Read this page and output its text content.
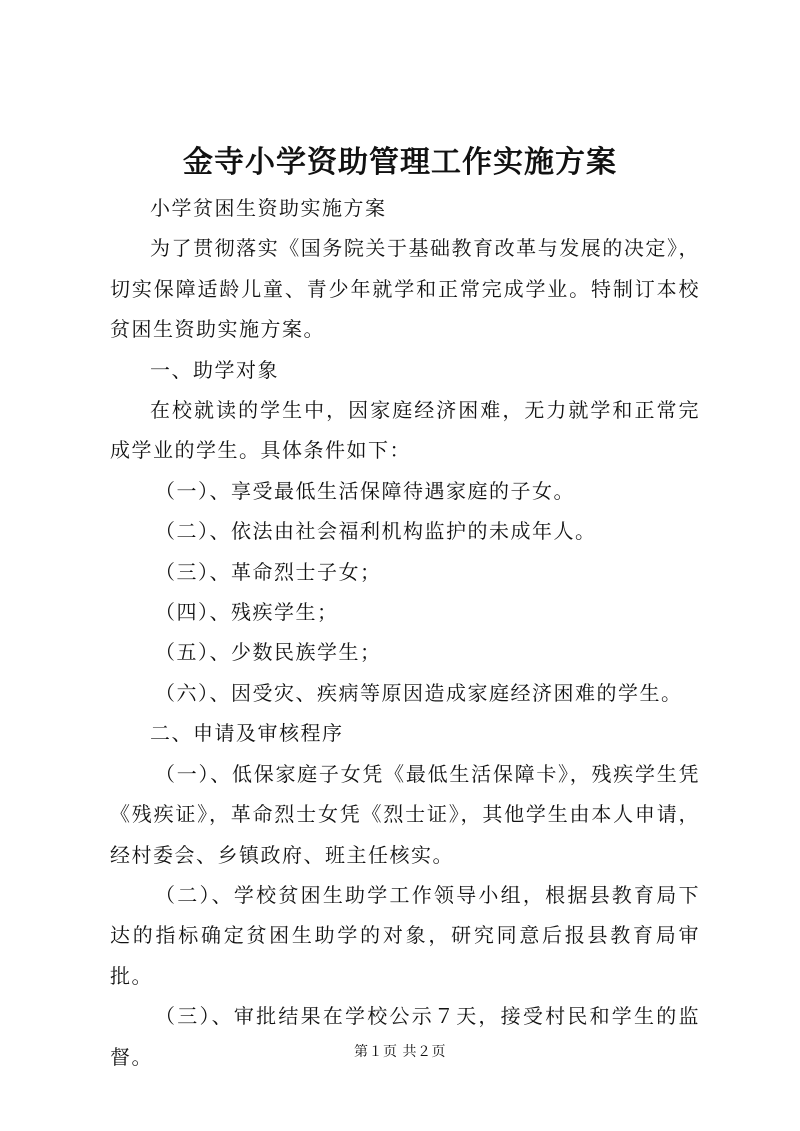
金寺小学资助管理工作实施方案

小学贫困生资助实施方案

为了贯彻落实《国务院关于基础教育改革与发展的决定》，切实保障适龄儿童、青少年就学和正常完成学业。特制订本校贫困生资助实施方案。

一、助学对象

在校就读的学生中，因家庭经济困难，无力就学和正常完成学业的学生。具体条件如下：

（一）、享受最低生活保障待遇家庭的子女。

（二）、依法由社会福利机构监护的未成年人。

（三）、革命烈士子女；

（四）、残疾学生；

（五）、少数民族学生；

（六）、因受灾、疾病等原因造成家庭经济困难的学生。

二、申请及审核程序

（一）、低保家庭子女凭《最低生活保障卡》，残疾学生凭《残疾证》，革命烈士女凭《烈士证》，其他学生由本人申请，经村委会、乡镇政府、班主任核实。

（二）、学校贫困生助学工作领导小组，根据县教育局下达的指标确定贫困生助学的对象，研究同意后报县教育局审批。

（三）、审批结果在学校公示７天，接受村民和学生的监督。	第１页 共２页
